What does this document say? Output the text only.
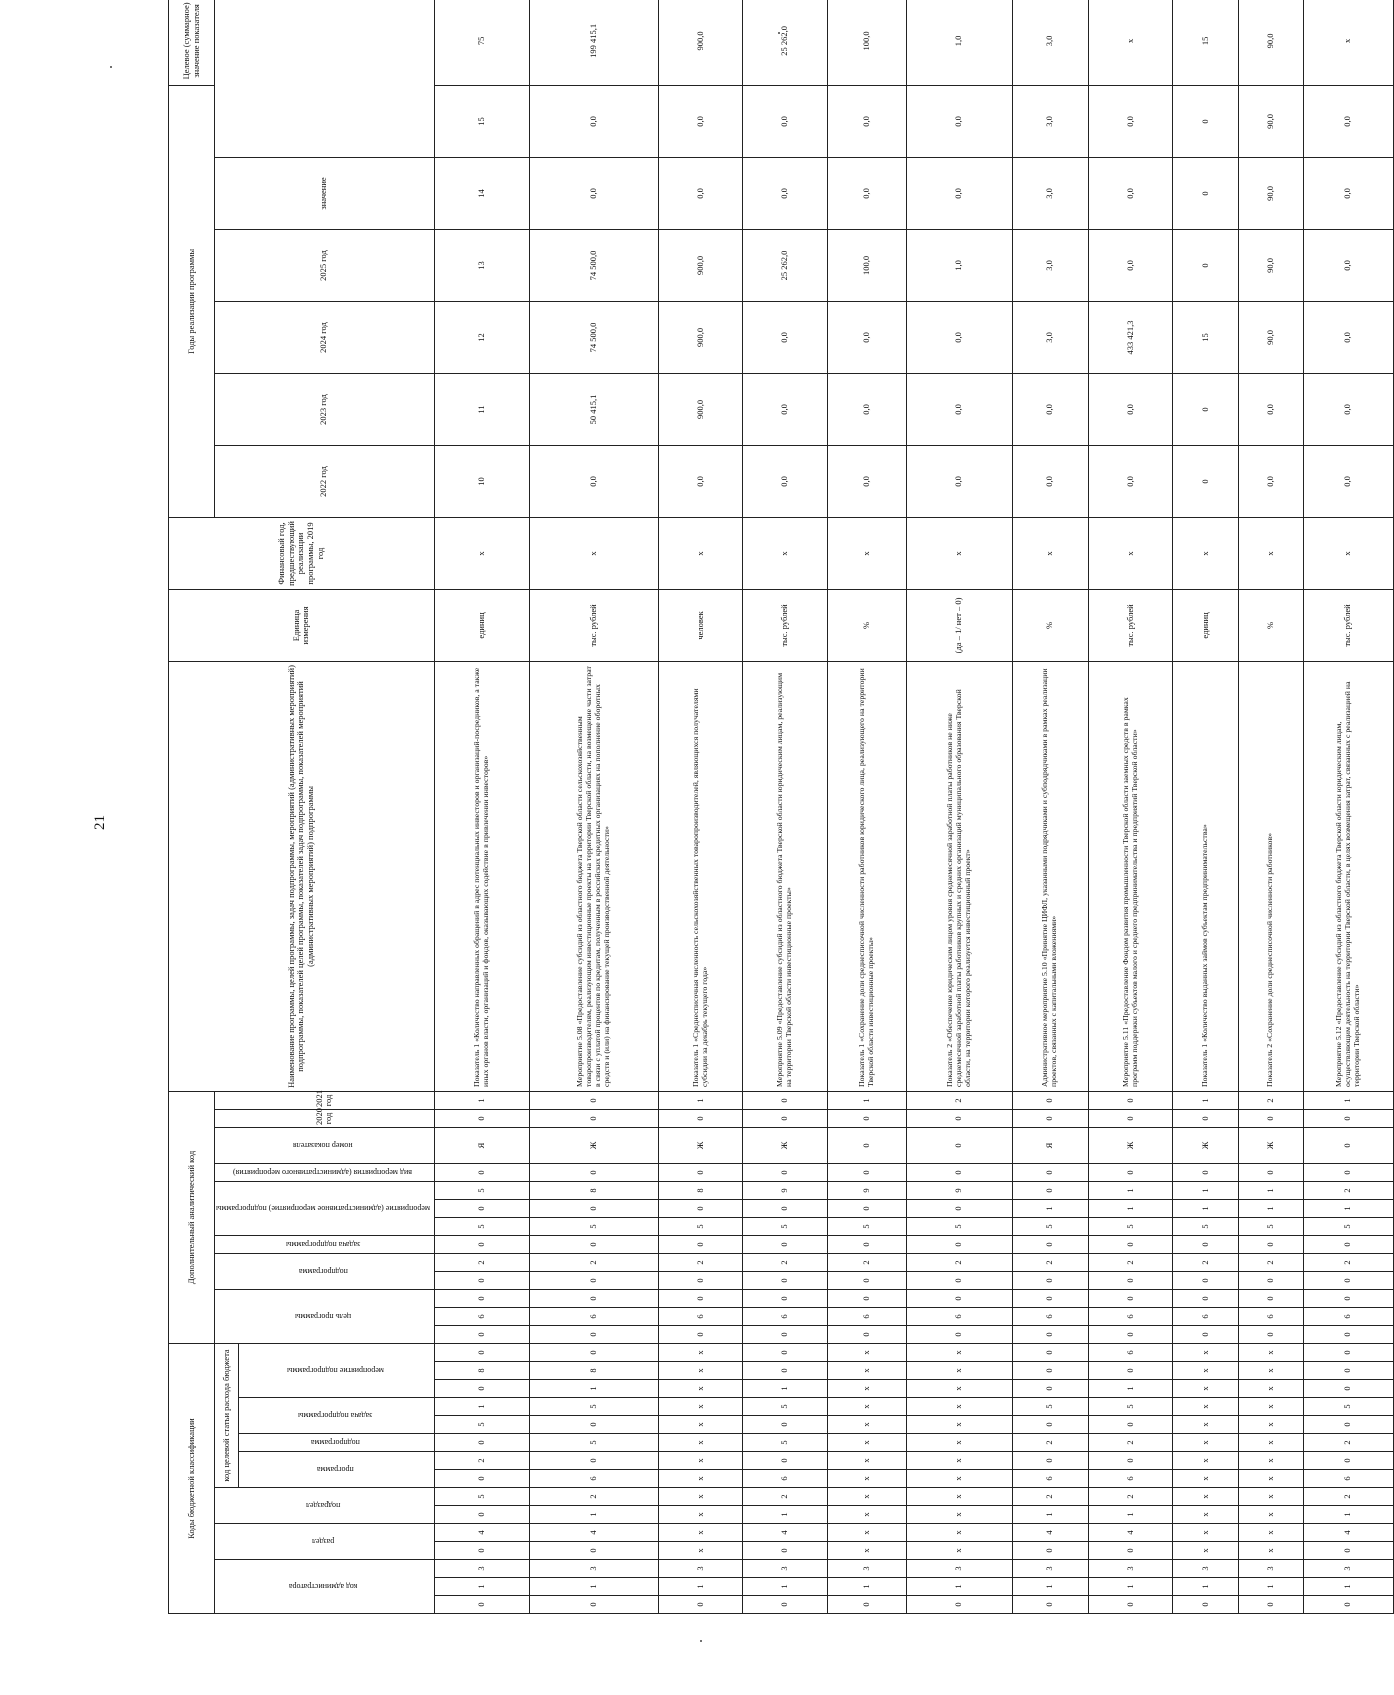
21
Коды бюджетной классификации															Дополнительный аналитический код													Наименование программы, целей программы, задач подпрограммы, мероприятий (административных мероприятий) подпрограммы, показателей целей программы, показателей задач подпрограммы, показателей мероприятий (административных мероприятий) подпрограммы	Единица измерения	Финансовый год, предшествующий реализации программы, 2019 год	Годы реализации программы						Целевое (суммарное) значение показателя
код администратора			раздел		подраздел		код целевой статьи расхода бюджета								цель программы			подпрограмма		задача подпрограммы	мероприятие (административное мероприятие) подпрограммы			вид мероприятия (административного мероприятия)	номер показателя	2020 год	2021 год				2022 год	2023 год	2024 год	2025 год	значение		
							программа		подпрограмма	задача подпрограммы		мероприятие подпрограммы																									
0	1	3	0	4	0	5	0	2	0	5	1	0	8	0	0	6	0	0	2	0	5	0	5	0	Я	0	1	Показатель 1 «Количество направленных обращений в адрес потенциальных инвесторов и организаций-посредников, а также иных органов власти, организаций и фондов, оказывающих содействие в привлечении инвесторов»	единиц	х	10	11	12	13	14	15	75
0	1	3	0	4	1	2	6	0	5	0	5	1	8	0	0	6	0	0	2	0	5	0	8	0	Ж	0	0	Мероприятие 5.08 «Предоставление субсидий из областного бюджета Тверской области сельскохозяйственным товаропроизводителям, реализующим инвестиционные проекты на территории Тверской области, на возмещение части затрат в связи с уплатой процентов по кредитам, полученным в российских кредитных организациях на пополнение оборотных средств и (или) на финансирование текущей производственной деятельности»	тыс. рублей	х	0,0	50 415,1	74 500,0	74 500,0	0,0	0,0	199 415,1
0	1	3	х	х	х	х	х	х	х	х	х	х	х	х	0	6	0	0	2	0	5	0	8	0	Ж	0	1	Показатель 1 «Среднесписочная численность сельскохозяйственных товаропроизводителей, являющихся получателями субсидии за декабрь текущего года»	человек	х	0,0	900,0	900,0	900,0	0,0	0,0	900,0
0	1	3	0	4	1	2	6	0	5	0	5	1	0	0	0	6	0	0	2	0	5	0	9	0	Ж	0	0	Мероприятие 5.09 «Предоставление субсидий из областного бюджета Тверской области юридическим лицам, реализующим на территории Тверской области инвестиционные проекты»	тыс. рублей	х	0,0	0,0	0,0	25 262,0	0,0	0,0	25 262,0
0	1	3	х	х	х	х	х	х	х	х	х	х	х	х	0	6	0	0	2	0	5	0	9	0	0	0	1	Показатель 1 «Сохранение доли среднесписочной численности работников юридического лица, реализующего на территории Тверской области инвестиционные проекты»	%	х	0,0	0,0	0,0	100,0	0,0	0,0	100,0
0	1	3	х	х	х	х	х	х	х	х	х	х	х	х	0	6	0	0	2	0	5	0	9	0	0	0	2	Показатель 2 «Обеспечение юридическим лицом уровня среднемесячной заработной платы работников не ниже среднемесячной заработной платы работников крупных и средних организаций муниципального образования Тверской области, на территории которого реализуется инвестиционный проект»	(да – 1/ нет – 0)	х	0,0	0,0	0,0	1,0	0,0	0,0	1,0
0	1	3	0	4	1	2	6	0	2	0	5	0	0	0	0	6	0	0	2	0	5	1	0	0	Я	0	0	Административное мероприятие 5.10 «Принятие ЦИФЛ, указанными подрядчиками и субподрядчиками в рамках реализации проектов, связанных с капитальными вложениями»	%	х	0,0	0,0	3,0	3,0	3,0	3,0	3,0
0	1	3	0	4	1	2	6	0	2	0	5	1	0	6	0	6	0	0	2	0	5	1	1	0	Ж	0	0	Мероприятие 5.11 «Предоставление Фондом развития промышленности Тверской области заемных средств в рамках программ поддержки субъектов малого и среднего предпринимательства и предприятий Тверской области»	тыс. рублей	х	0,0	0,0	433 421,3	0,0	0,0	0,0	х
0	1	3	х	х	х	х	х	х	х	х	х	х	х	х	0	6	0	0	2	0	5	1	1	0	Ж	0	1	Показатель 1 «Количество выданных займов субъектам предпринимательства»	единиц	х	0	0	15	0	0	0	15
0	1	3	х	х	х	х	х	х	х	х	х	х	х	х	0	6	0	0	2	0	5	1	1	0	Ж	0	2	Показатель 2 «Сохранение доли среднесписочной численности работников»	%	х	0,0	0,0	90,0	90,0	90,0	90,0	90,0
0	1	3	0	4	1	2	6	0	2	0	5	0	0	0	0	6	0	0	2	0	5	1	2	0	0	0	1	Мероприятие 5.12 «Предоставление субсидий из областного бюджета Тверской области юридическим лицам, осуществляющим деятельность на территории Тверской области, в целях возмещения затрат, связанных с реализацией на территории Тверской области»	тыс. рублей	х	0,0	0,0	0,0	0,0	0,0	0,0	х
